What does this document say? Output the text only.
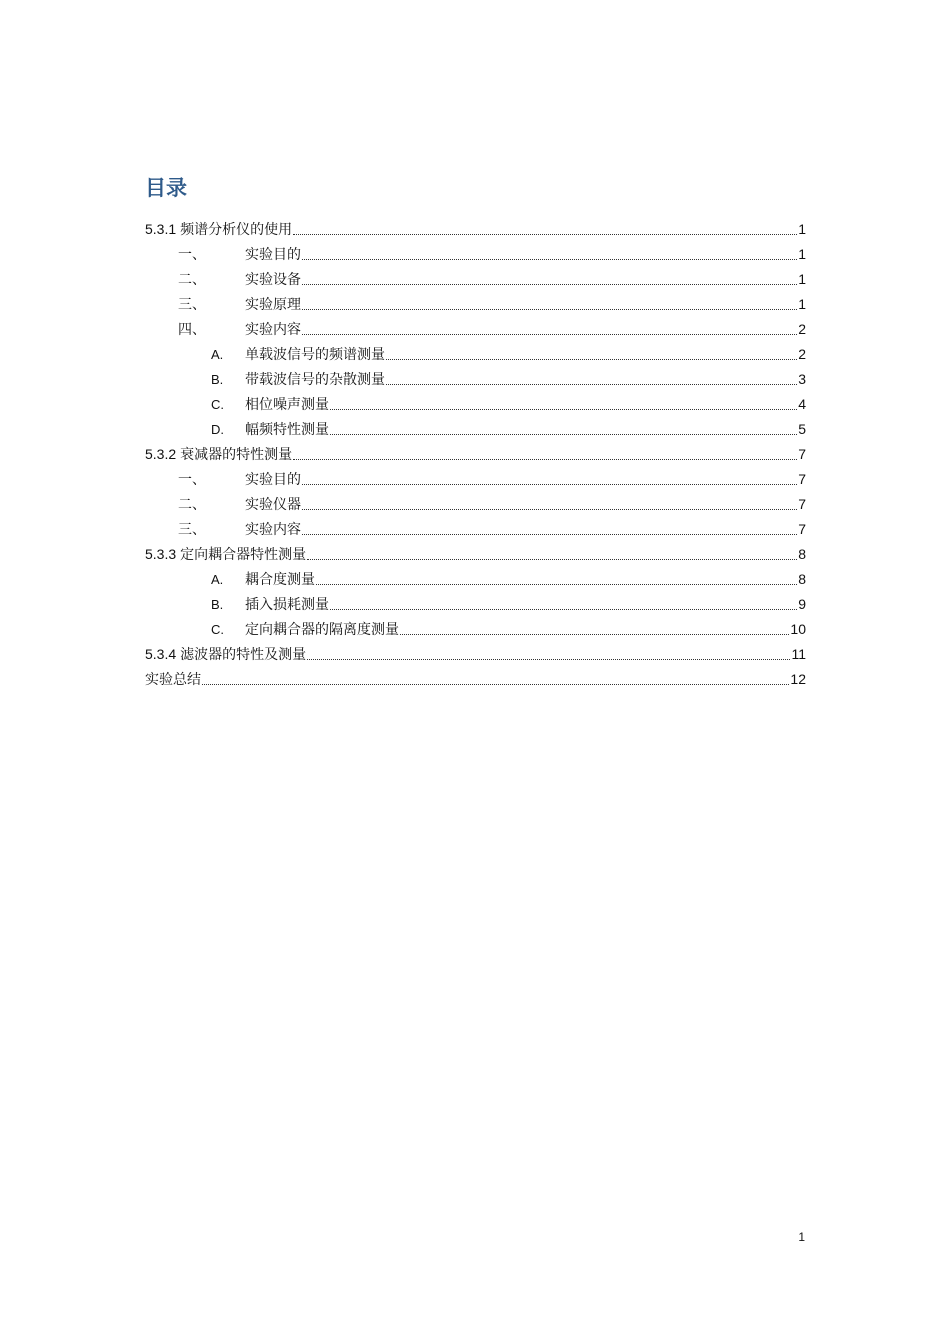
目录
5.3.1 频谱分析仪的使用	1
一、	实验目的	1
二、	实验设备	1
三、	实验原理	1
四、	实验内容	2
A.	单载波信号的频谱测量	2
B.	带载波信号的杂散测量	3
C.	相位噪声测量	4
D.	幅频特性测量	5
5.3.2 衰减器的特性测量	7
一、	实验目的	7
二、	实验仪器	7
三、	实验内容	7
5.3.3 定向耦合器特性测量	8
A.	耦合度测量	8
B.	插入损耗测量	9
C.	定向耦合器的隔离度测量	10
5.3.4 滤波器的特性及测量	11
实验总结	12
1
